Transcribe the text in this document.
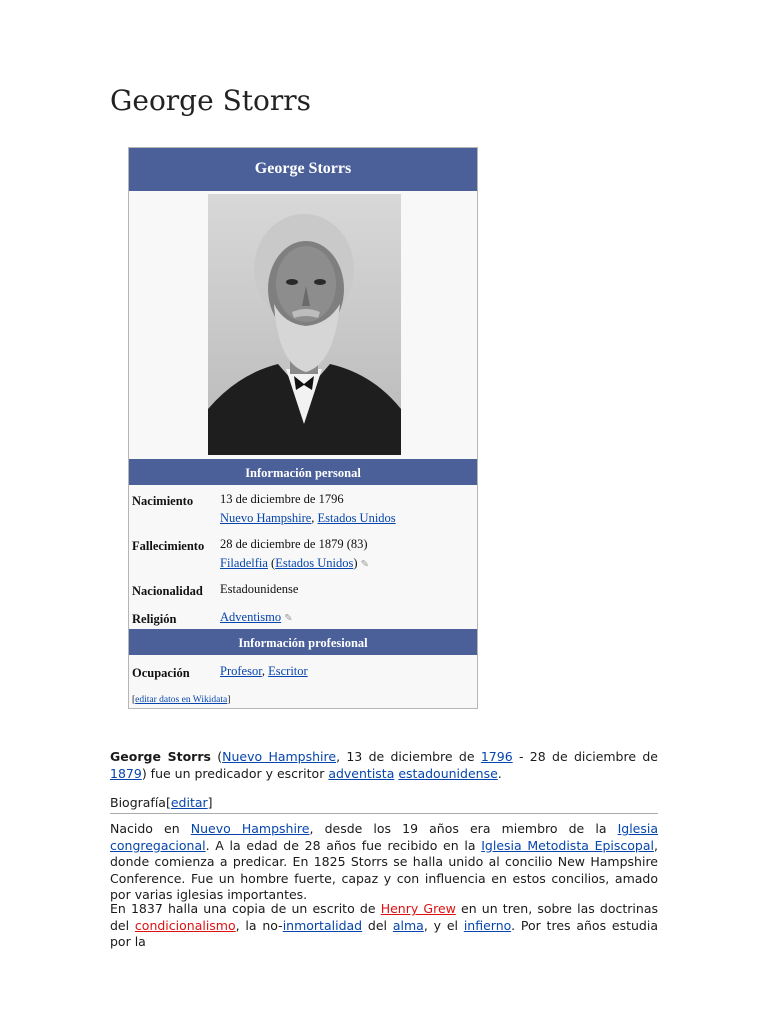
George Storrs
George Storrs
Información personal
Nacimiento 13 de diciembre de 1796
Nuevo Hampshire, Estados Unidos
Fallecimiento 28 de diciembre de 1879 (83)
Filadelfia (Estados Unidos) ✎
Nacionalidad Estadounidense
Religión	Adventismo ✎
Información profesional
Ocupación Profesor, Escritor
[editar datos en Wikidata]
George Storrs (Nuevo Hampshire, 13 de diciembre de 1796 - 28 de diciembre de 1879) fue un predicador y escritor adventista estadounidense.
Biografía[editar]
Nacido en Nuevo Hampshire, desde los 19 años era miembro de la Iglesia congregacional. A la edad de 28 años fue recibido en la Iglesia Metodista Episcopal, donde comienza a predicar. En 1825 Storrs se halla unido al concilio New Hampshire Conference. Fue un hombre fuerte, capaz y con influencia en estos concilios, amado por varias iglesias importantes.
En 1837 halla una copia de un escrito de Henry Grew en un tren, sobre las doctrinas del condicionalismo, la no-inmortalidad del alma, y el infierno. Por tres años estudia por la
